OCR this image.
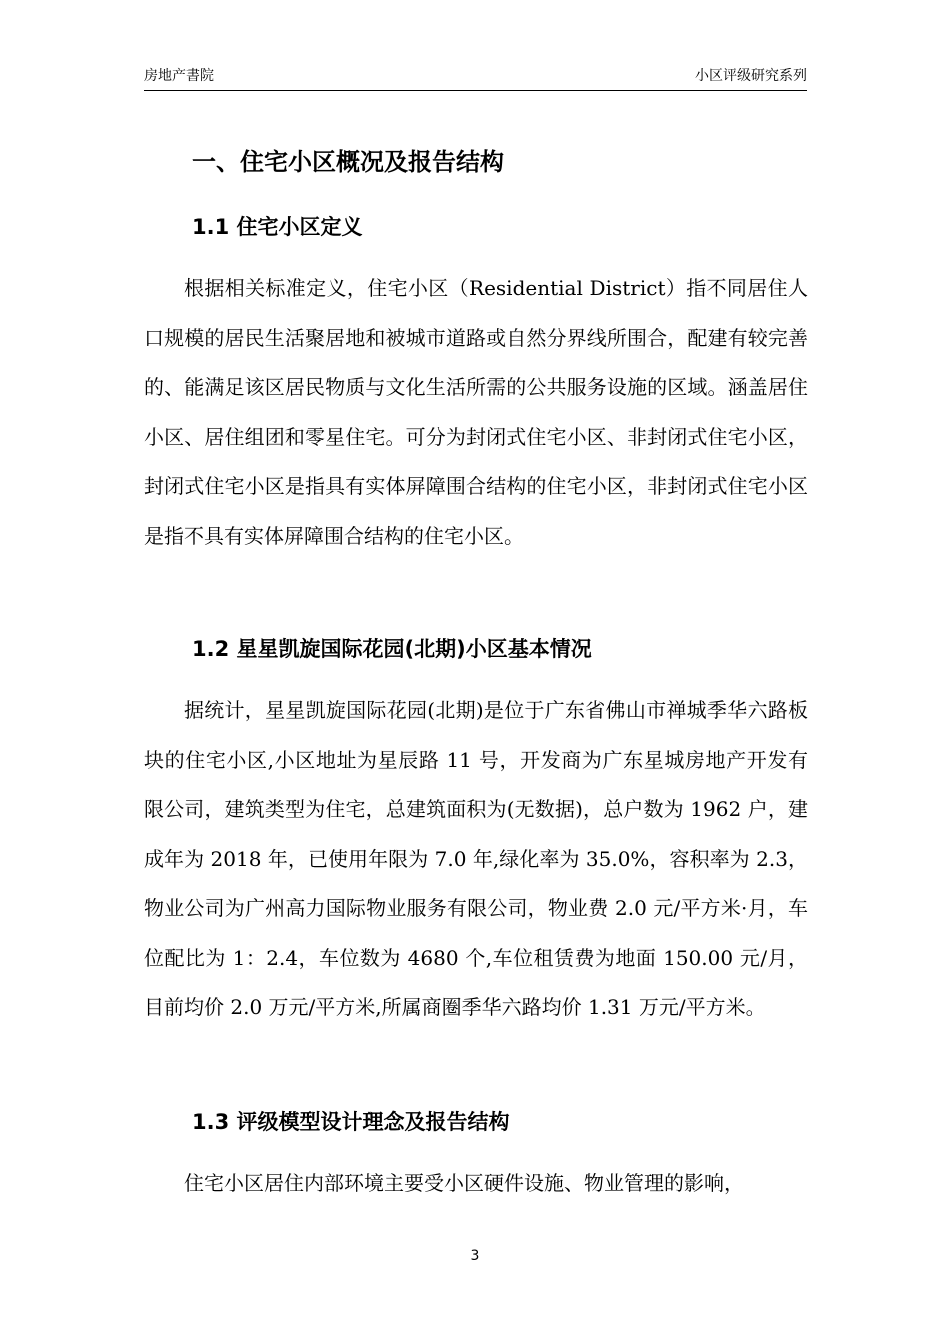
房地产書院	小区评级研究系列
一、住宅小区概况及报告结构
1.1 住宅小区定义

根据相关标准定义，住宅小区（Residential District）指不同居住人口规模的居民生活聚居地和被城市道路或自然分界线所围合，配建有较完善的、能满足该区居民物质与文化生活所需的公共服务设施的区域。涵盖居住小区、居住组团和零星住宅。可分为封闭式住宅小区、非封闭式住宅小区，封闭式住宅小区是指具有实体屏障围合结构的住宅小区，非封闭式住宅小区是指不具有实体屏障围合结构的住宅小区。

1.2 星星凯旋国际花园(北期)小区基本情况

据统计，星星凯旋国际花园(北期)是位于广东省佛山市禅城季华六路板块的住宅小区,小区地址为星辰路 11 号，开发商为广东星城房地产开发有限公司，建筑类型为住宅，总建筑面积为(无数据)，总户数为 1962 户，建成年为 2018 年，已使用年限为 7.0 年,绿化率为 35.0%，容积率为 2.3，物业公司为广州高力国际物业服务有限公司，物业费 2.0 元/平方米·月，车位配比为 1：2.4，车位数为 4680 个,车位租赁费为地面 150.00 元/月，目前均价 2.0 万元/平方米,所属商圈季华六路均价 1.31 万元/平方米。

1.3 评级模型设计理念及报告结构

住宅小区居住内部环境主要受小区硬件设施、物业管理的影响，

3
